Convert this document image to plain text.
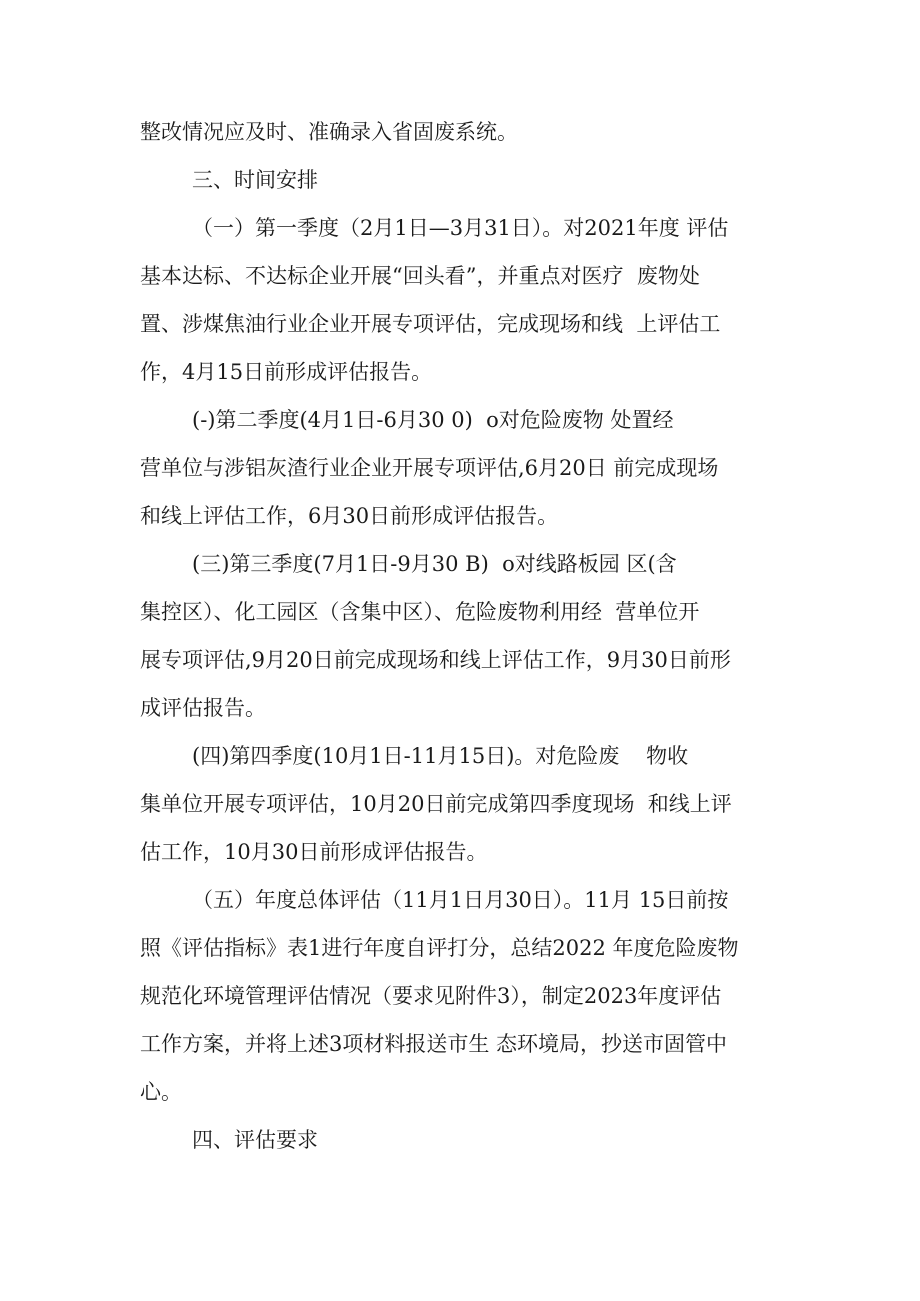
整改情况应及时、准确录入省固废系统。
三、时间安排
（一）第一季度（2月1日—3月31日）。对2021年度 评估
基本达标、不达标企业开展“回头看”，并重点对医疗  废物处
置、涉煤焦油行业企业开展专项评估，完成现场和线  上评估工
作，4月15日前形成评估报告。
(-)第二季度(4月1日-6月30 0)  o对危险废物 处置经
营单位与涉铝灰渣行业企业开展专项评估,6月20日 前完成现场
和线上评估工作，6月30日前形成评估报告。
(三)第三季度(7月1日-9月30 B)  o对线路板园 区(含
集控区）、化工园区（含集中区）、危险废物利用经  营单位开
展专项评估,9月20日前完成现场和线上评估工作，9月30日前形
成评估报告。
(四)第四季度(10月1日-11月15日)。对危险废    物收
集单位开展专项评估，10月20日前完成第四季度现场  和线上评
估工作，10月30日前形成评估报告。
（五）年度总体评估（11月1日月30日）。11月 15日前按
照《评估指标》表1进行年度自评打分，总结2022 年度危险废物
规范化环境管理评估情况（要求见附件3），制定2023年度评估
工作方案，并将上述3项材料报送市生 态环境局，抄送市固管中
心。
四、评估要求
